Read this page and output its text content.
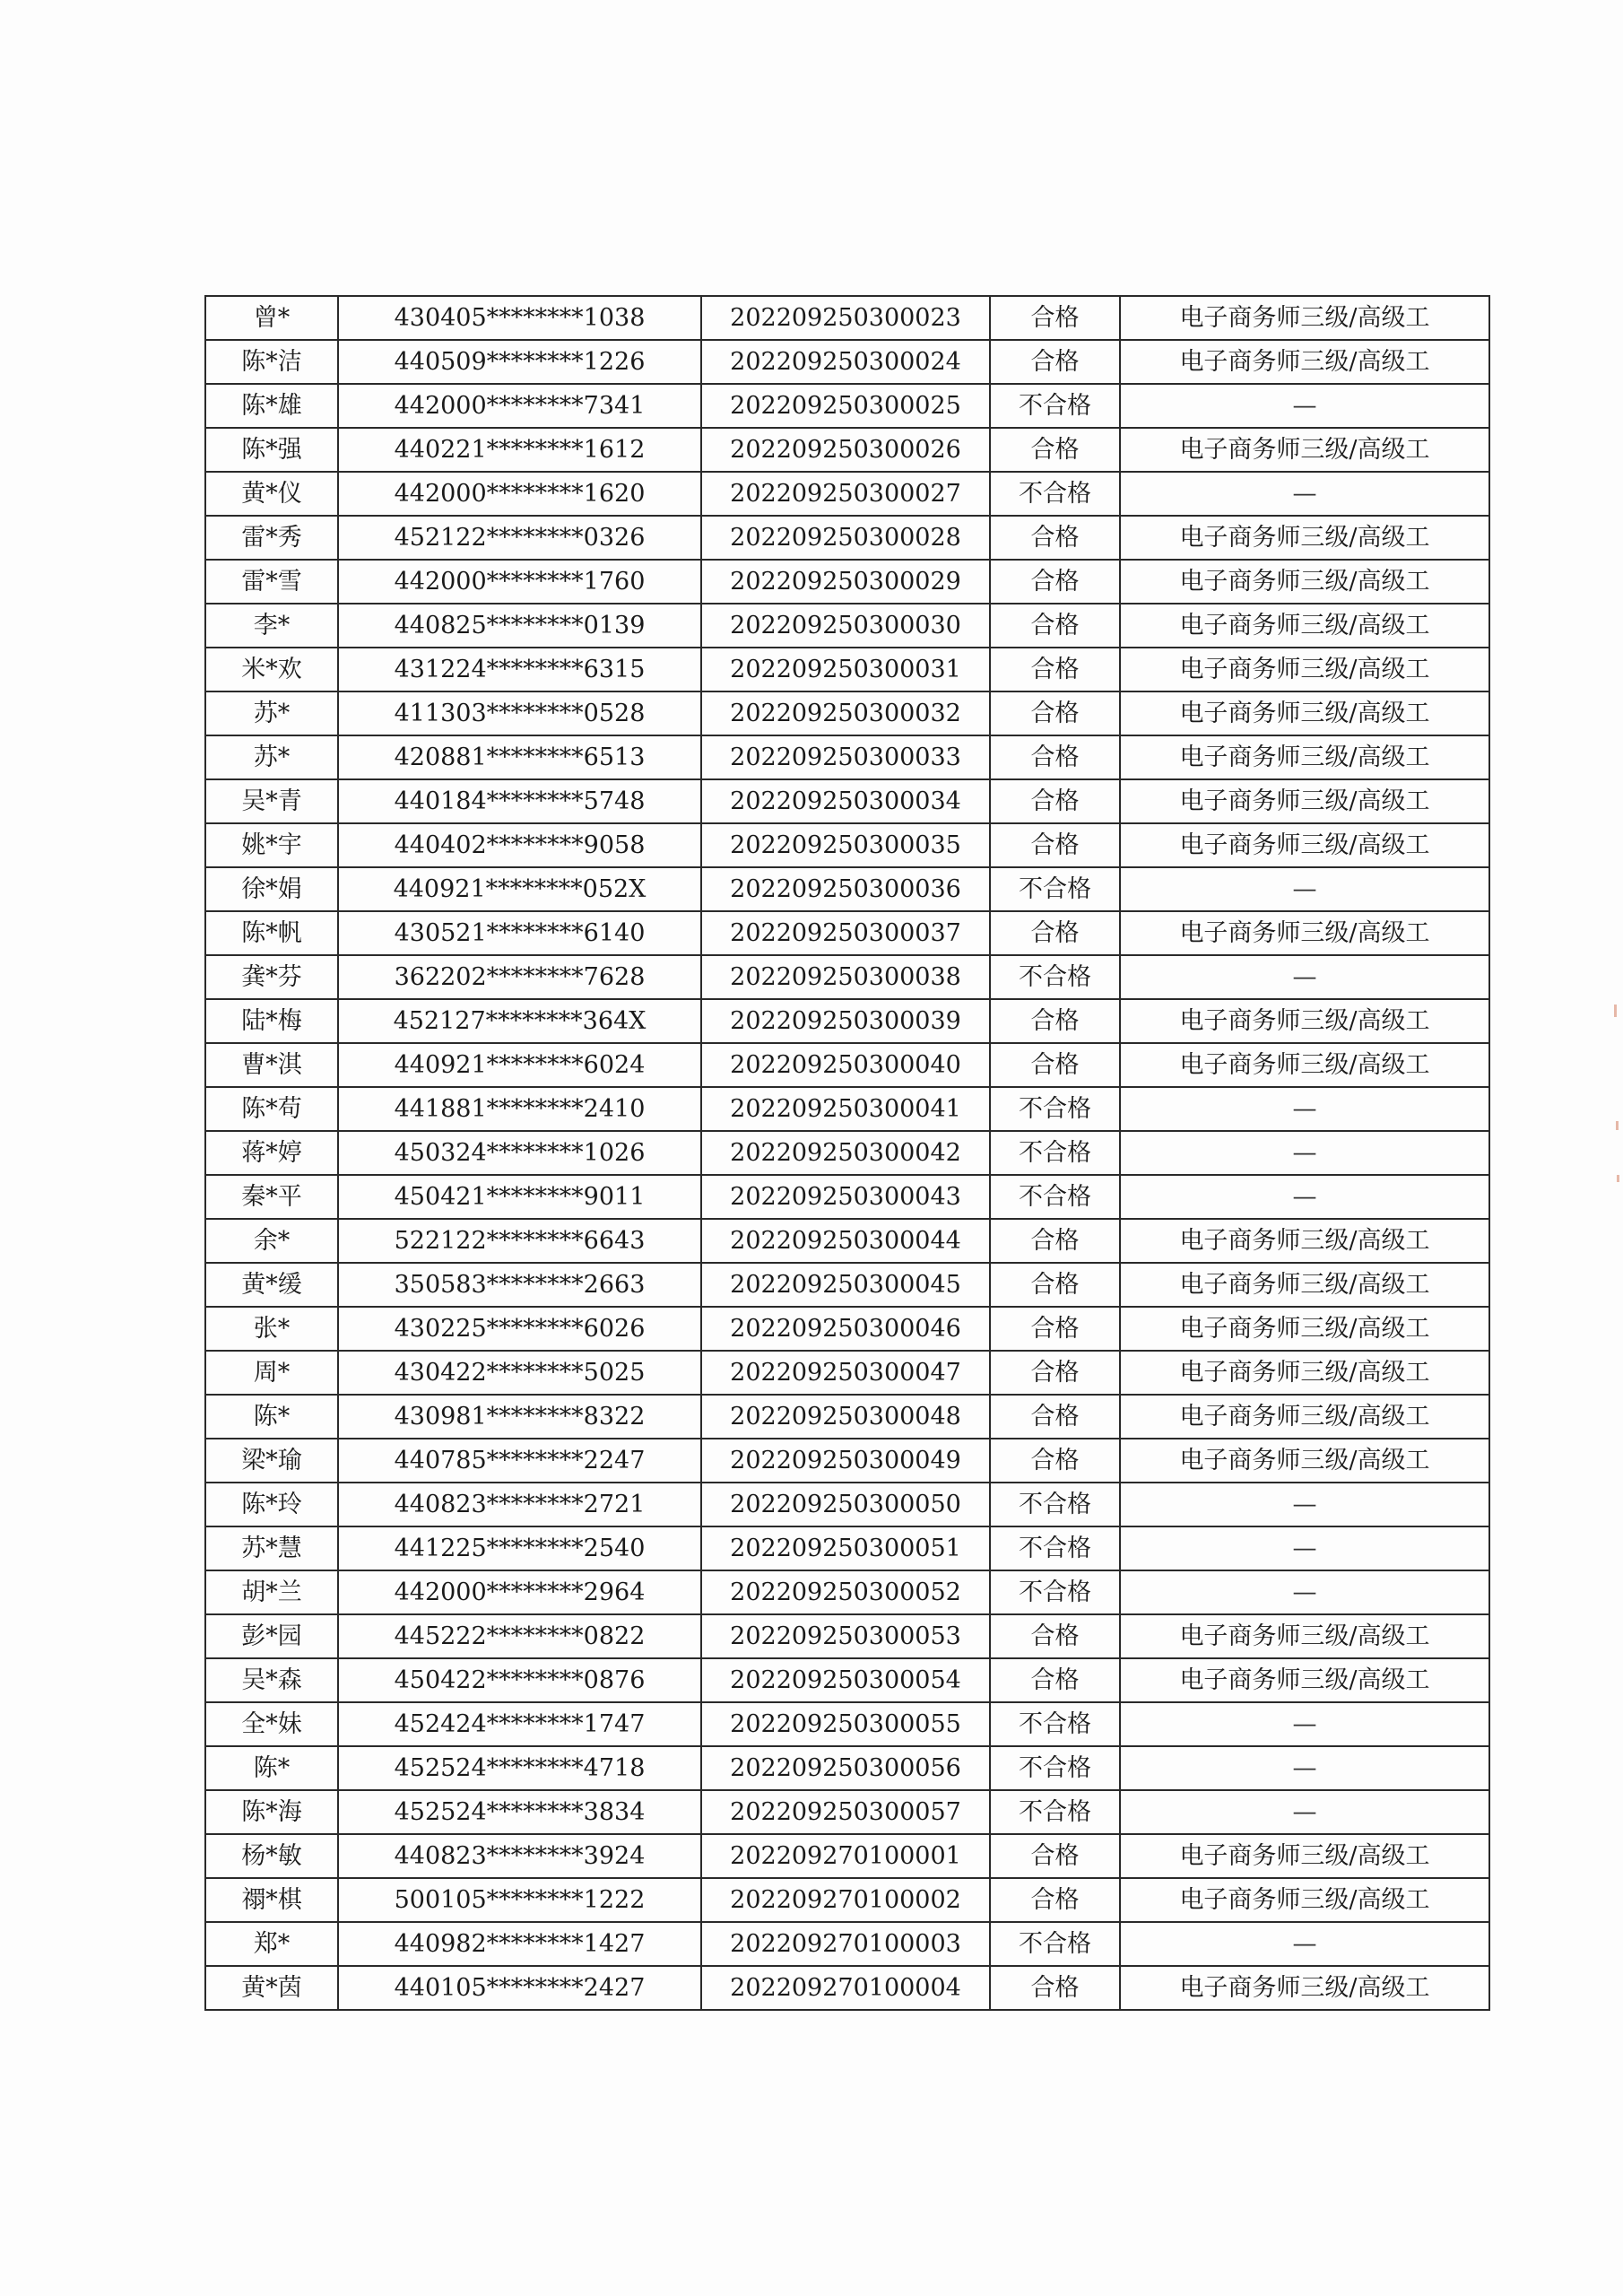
曾*	430405********1038	202209250300023	合格	电子商务师三级/高级工
陈*洁	440509********1226	202209250300024	合格	电子商务师三级/高级工
陈*雄	442000********7341	202209250300025	不合格	—
陈*强	440221********1612	202209250300026	合格	电子商务师三级/高级工
黄*仪	442000********1620	202209250300027	不合格	—
雷*秀	452122********0326	202209250300028	合格	电子商务师三级/高级工
雷*雪	442000********1760	202209250300029	合格	电子商务师三级/高级工
李*	440825********0139	202209250300030	合格	电子商务师三级/高级工
米*欢	431224********6315	202209250300031	合格	电子商务师三级/高级工
苏*	411303********0528	202209250300032	合格	电子商务师三级/高级工
苏*	420881********6513	202209250300033	合格	电子商务师三级/高级工
吴*青	440184********5748	202209250300034	合格	电子商务师三级/高级工
姚*宇	440402********9058	202209250300035	合格	电子商务师三级/高级工
徐*娟	440921********052X	202209250300036	不合格	—
陈*帆	430521********6140	202209250300037	合格	电子商务师三级/高级工
龚*芬	362202********7628	202209250300038	不合格	—
陆*梅	452127********364X	202209250300039	合格	电子商务师三级/高级工
曹*淇	440921********6024	202209250300040	合格	电子商务师三级/高级工
陈*苟	441881********2410	202209250300041	不合格	—
蒋*婷	450324********1026	202209250300042	不合格	—
秦*平	450421********9011	202209250300043	不合格	—
余*	522122********6643	202209250300044	合格	电子商务师三级/高级工
黄*缓	350583********2663	202209250300045	合格	电子商务师三级/高级工
张*	430225********6026	202209250300046	合格	电子商务师三级/高级工
周*	430422********5025	202209250300047	合格	电子商务师三级/高级工
陈*	430981********8322	202209250300048	合格	电子商务师三级/高级工
梁*瑜	440785********2247	202209250300049	合格	电子商务师三级/高级工
陈*玲	440823********2721	202209250300050	不合格	—
苏*慧	441225********2540	202209250300051	不合格	—
胡*兰	442000********2964	202209250300052	不合格	—
彭*园	445222********0822	202209250300053	合格	电子商务师三级/高级工
吴*森	450422********0876	202209250300054	合格	电子商务师三级/高级工
全*妹	452424********1747	202209250300055	不合格	—
陈*	452524********4718	202209250300056	不合格	—
陈*海	452524********3834	202209250300057	不合格	—
杨*敏	440823********3924	202209270100001	合格	电子商务师三级/高级工
禤*棋	500105********1222	202209270100002	合格	电子商务师三级/高级工
郑*	440982********1427	202209270100003	不合格	—
黄*茵	440105********2427	202209270100004	合格	电子商务师三级/高级工
